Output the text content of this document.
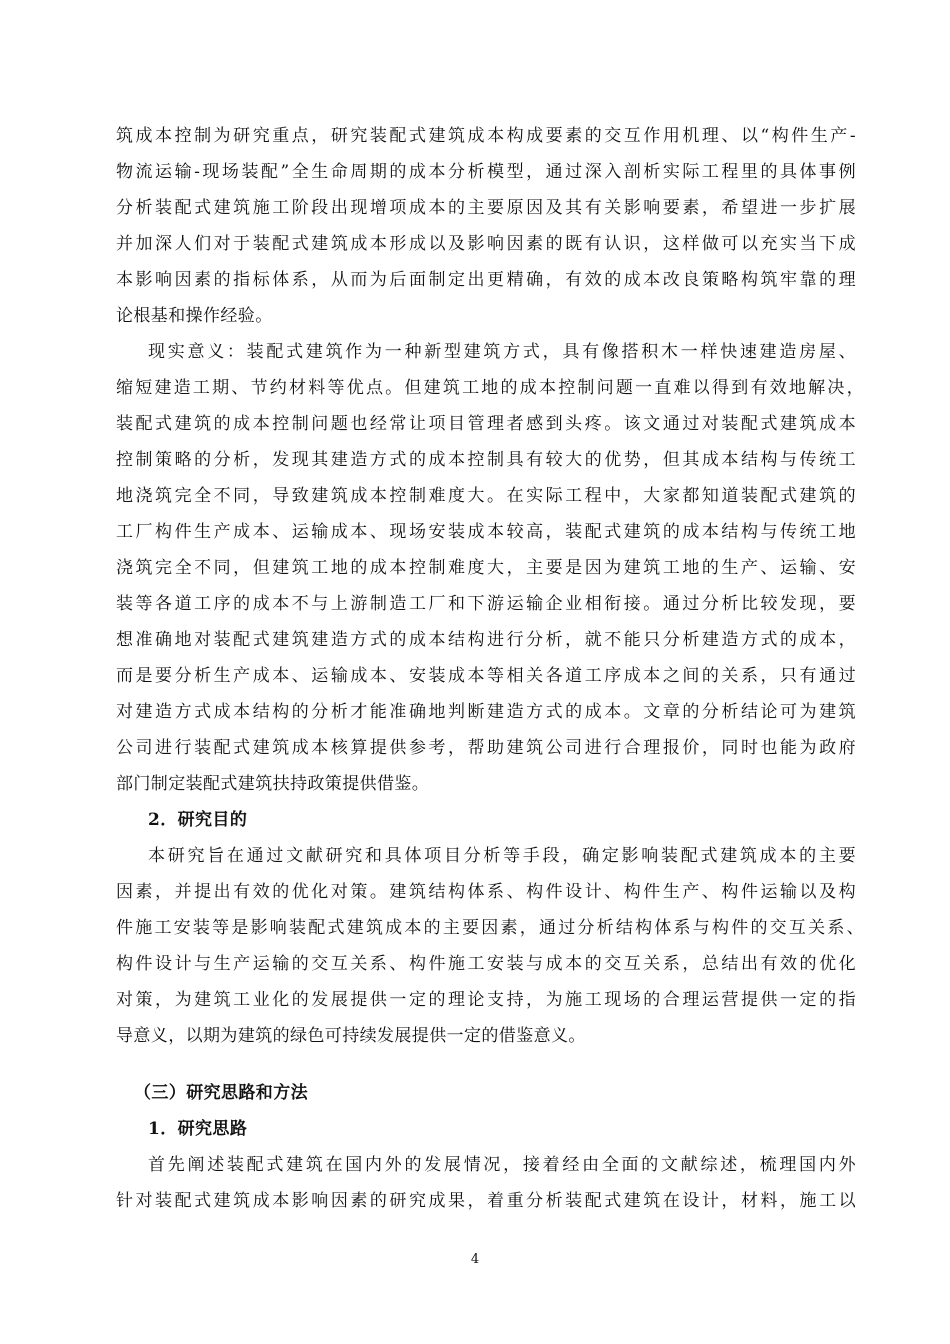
筑成本控制为研究重点，研究装配式建筑成本构成要素的交互作用机理、以“构件生产-
物流运输-现场装配”全生命周期的成本分析模型，通过深入剖析实际工程里的具体事例
分析装配式建筑施工阶段出现增项成本的主要原因及其有关影响要素，希望进一步扩展
并加深人们对于装配式建筑成本形成以及影响因素的既有认识，这样做可以充实当下成
本影响因素的指标体系，从而为后面制定出更精确，有效的成本改良策略构筑牢靠的理
论根基和操作经验。
现实意义：装配式建筑作为一种新型建筑方式，具有像搭积木一样快速建造房屋、
缩短建造工期、节约材料等优点。但建筑工地的成本控制问题一直难以得到有效地解决，
装配式建筑的成本控制问题也经常让项目管理者感到头疼。该文通过对装配式建筑成本
控制策略的分析，发现其建造方式的成本控制具有较大的优势，但其成本结构与传统工
地浇筑完全不同，导致建筑成本控制难度大。在实际工程中，大家都知道装配式建筑的
工厂构件生产成本、运输成本、现场安装成本较高，装配式建筑的成本结构与传统工地
浇筑完全不同，但建筑工地的成本控制难度大，主要是因为建筑工地的生产、运输、安
装等各道工序的成本不与上游制造工厂和下游运输企业相衔接。通过分析比较发现，要
想准确地对装配式建筑建造方式的成本结构进行分析，就不能只分析建造方式的成本，
而是要分析生产成本、运输成本、安装成本等相关各道工序成本之间的关系，只有通过
对建造方式成本结构的分析才能准确地判断建造方式的成本。文章的分析结论可为建筑
公司进行装配式建筑成本核算提供参考，帮助建筑公司进行合理报价，同时也能为政府
部门制定装配式建筑扶持政策提供借鉴。
2．研究目的
本研究旨在通过文献研究和具体项目分析等手段，确定影响装配式建筑成本的主要
因素，并提出有效的优化对策。建筑结构体系、构件设计、构件生产、构件运输以及构
件施工安装等是影响装配式建筑成本的主要因素，通过分析结构体系与构件的交互关系、
构件设计与生产运输的交互关系、构件施工安装与成本的交互关系，总结出有效的优化
对策，为建筑工业化的发展提供一定的理论支持，为施工现场的合理运营提供一定的指
导意义，以期为建筑的绿色可持续发展提供一定的借鉴意义。
（三）研究思路和方法
1．研究思路
首先阐述装配式建筑在国内外的发展情况，接着经由全面的文献综述，梳理国内外
针对装配式建筑成本影响因素的研究成果，着重分析装配式建筑在设计，材料，施工以
4
